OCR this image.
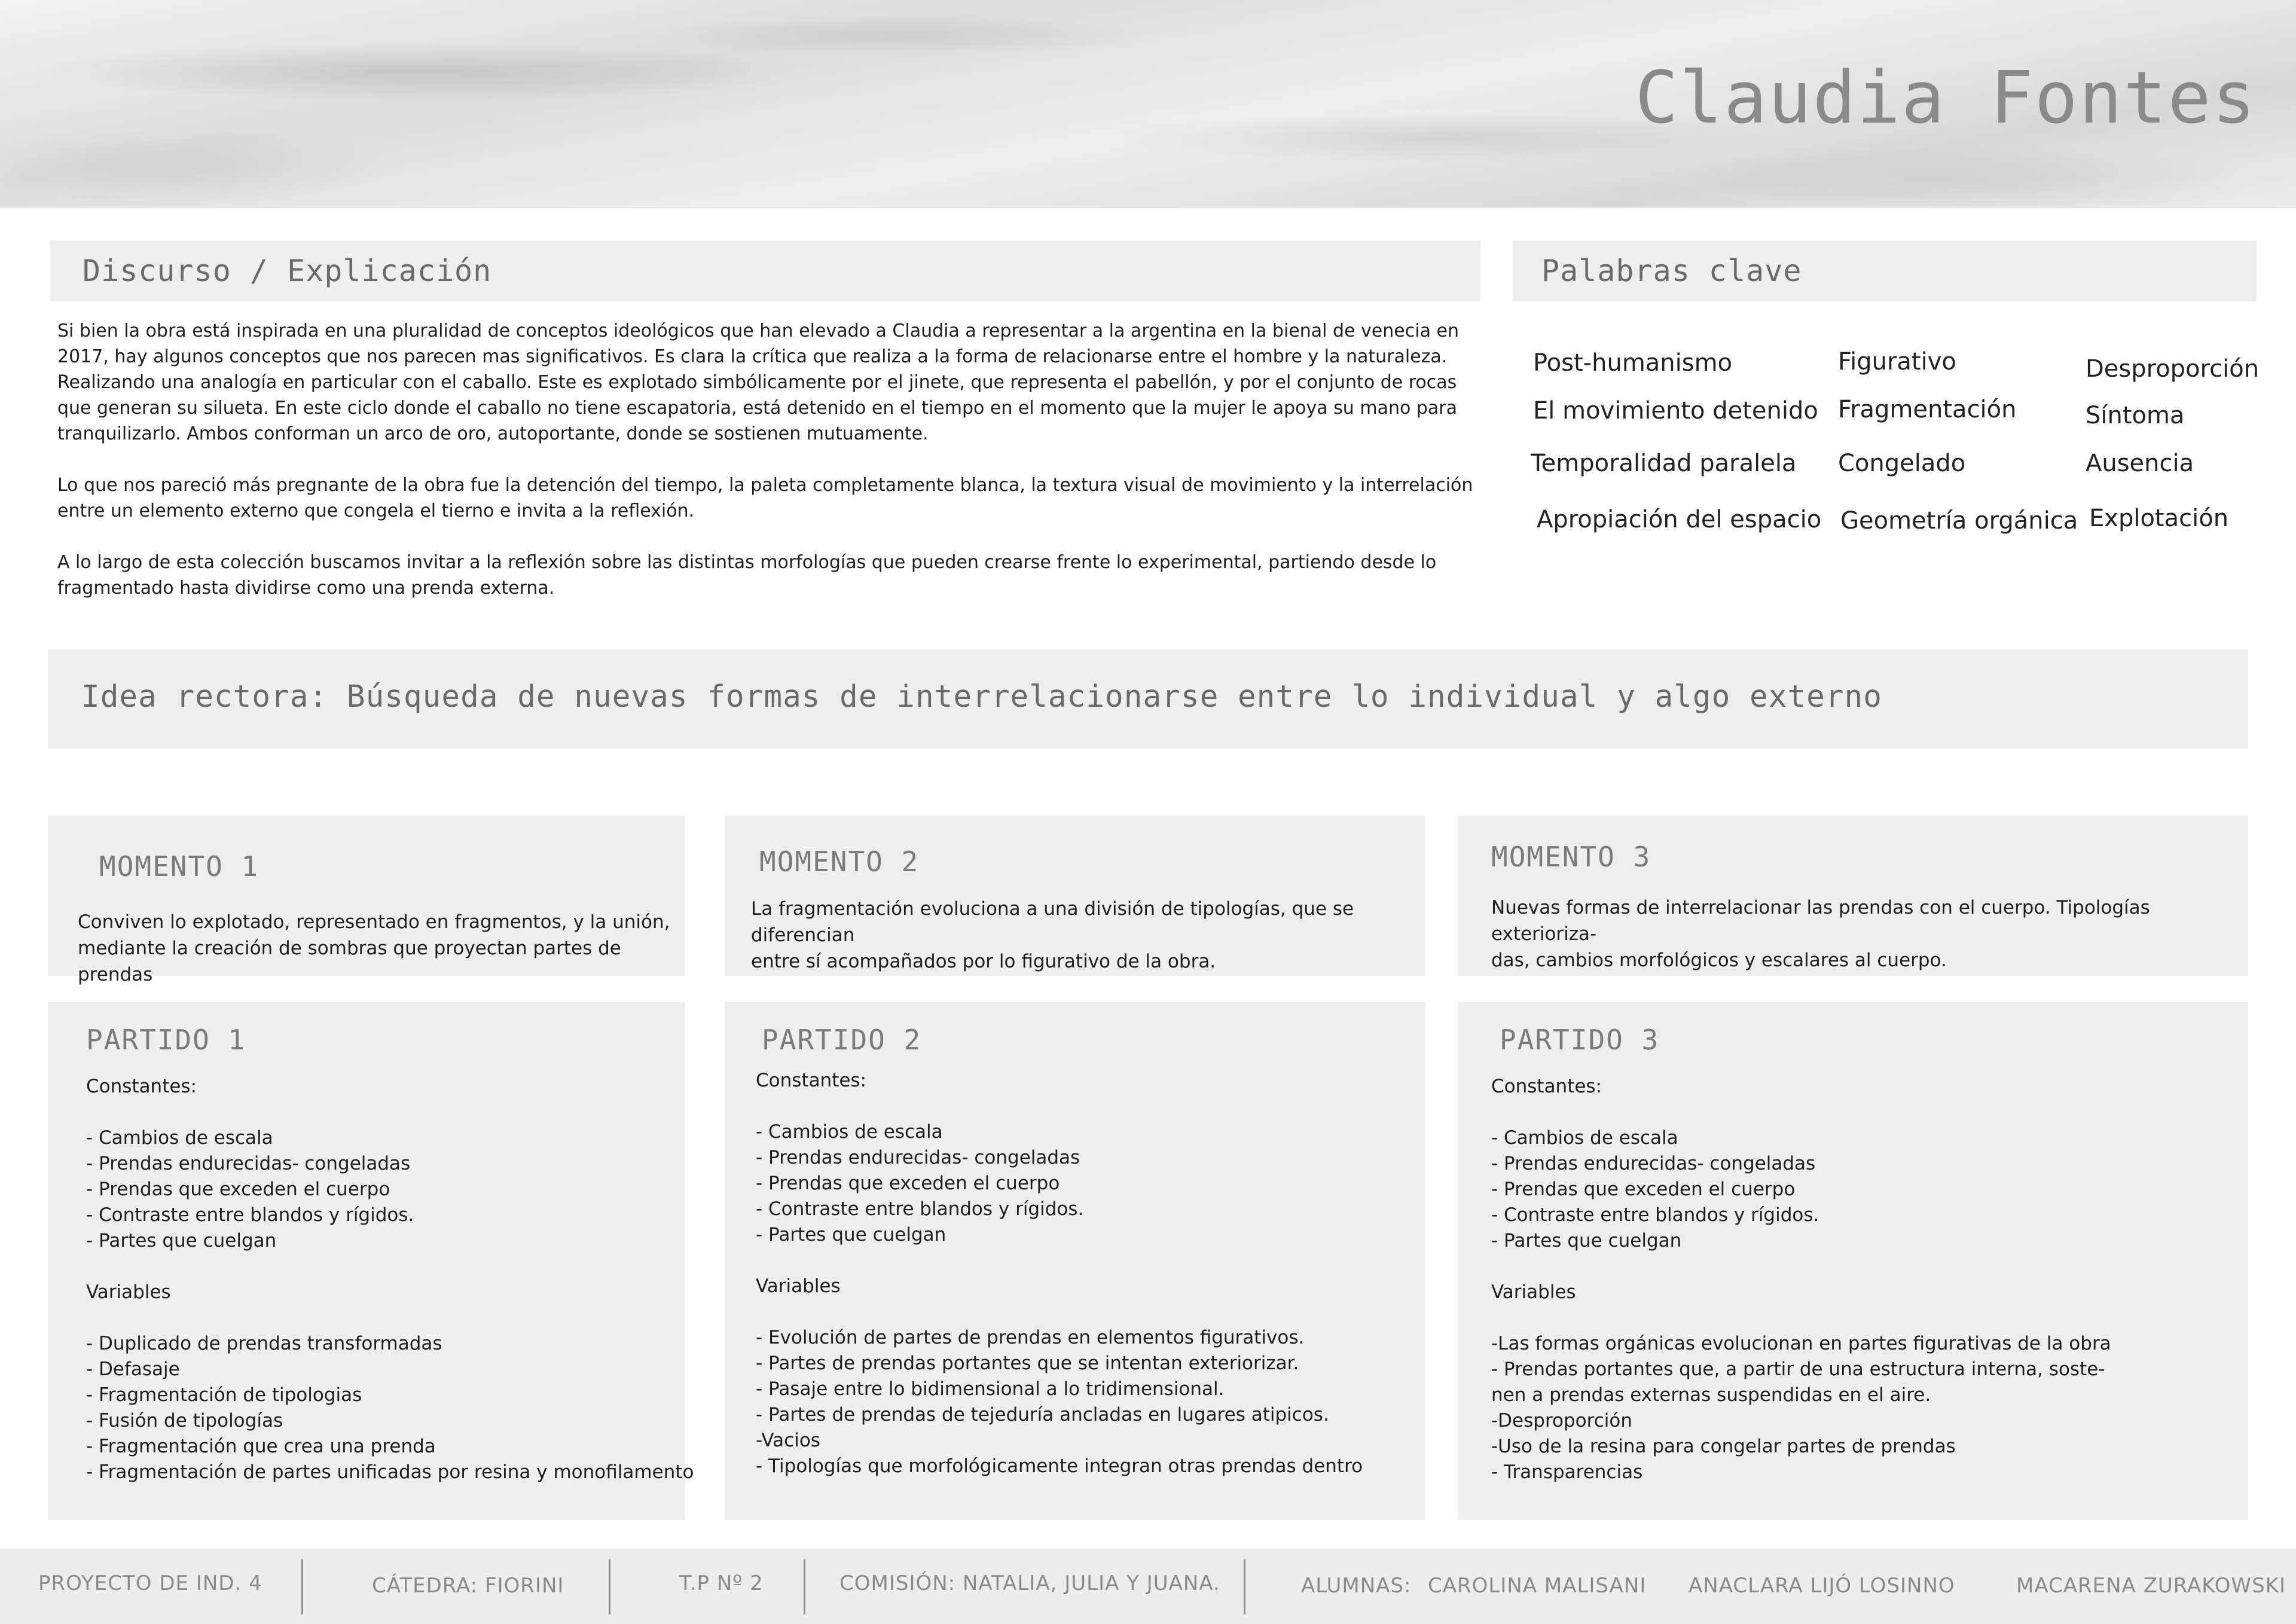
Claudia Fontes
Discurso / Explicación

Si bien la obra está inspirada en una pluralidad de conceptos ideológicos que han elevado a Claudia a representar a la argentina en la bienal de venecia en 2017, hay algunos conceptos que nos parecen mas significativos. Es clara la crítica que realiza a la forma de relacionarse entre el hombre y la naturaleza. Realizando una analogía en particular con el caballo. Este es explotado simbólicamente por el jinete, que representa el pabellón, y por el conjunto de rocas que generan su silueta. En este ciclo donde el caballo no tiene escapatoria, está detenido en el tiempo en el momento que la mujer le apoya su mano para tranquilizarlo. Ambos conforman un arco de oro, autoportante, donde se sostienen mutuamente.

Lo que nos pareció más pregnante de la obra fue la detención del tiempo, la paleta completamente blanca, la textura visual de movimiento y la interrelación entre un elemento externo que congela el tierno e invita a la reflexión.

A lo largo de esta colección buscamos invitar a la reflexión sobre las distintas morfologías que pueden crearse frente lo experimental, partiendo desde lo fragmentado hasta dividirse como una prenda externa.

Palabras clave
Post-humanismo
El movimiento detenido
Temporalidad paralela
Apropiación del espacio
Figurativo
Fragmentación
Congelado
Geometría orgánica
Desproporción
Síntoma
Ausencia
Explotación
Idea rectora: Búsqueda de nuevas formas de interrelacionarse entre lo individual y algo externo
MOMENTO 1
Conviven lo explotado, representado en fragmentos, y la unión,
mediante la creación de sombras que proyectan partes de prendas
MOMENTO 2
La fragmentación evoluciona a una división de tipologías, que se diferencian
entre sí acompañados por lo figurativo de la obra.
MOMENTO 3
Nuevas formas de interrelacionar las prendas con el cuerpo. Tipologías exterioriza-
das, cambios morfológicos y escalares al cuerpo.
PARTIDO 1
Constantes:
- Cambios de escala
- Prendas endurecidas- congeladas
- Prendas que exceden el cuerpo
- Contraste entre blandos y rígidos.
- Partes que cuelgan
Variables
- Duplicado de prendas transformadas
- Defasaje
- Fragmentación de tipologias
- Fusión de tipologías
- Fragmentación que crea una prenda
- Fragmentación de partes unificadas por resina y monofilamento
PARTIDO 2
Constantes:
- Cambios de escala
- Prendas endurecidas- congeladas
- Prendas que exceden el cuerpo
- Contraste entre blandos y rígidos.
- Partes que cuelgan
Variables
- Evolución de partes de prendas en elementos figurativos.
- Partes de prendas portantes que se intentan exteriorizar.
- Pasaje entre lo bidimensional a lo tridimensional.
- Partes de prendas de tejeduría ancladas en lugares atipicos.
-Vacios
- Tipologías que morfológicamente integran otras prendas dentro
PARTIDO 3
Constantes:
- Cambios de escala
- Prendas endurecidas- congeladas
- Prendas que exceden el cuerpo
- Contraste entre blandos y rígidos.
- Partes que cuelgan
Variables
-Las formas orgánicas evolucionan en partes figurativas de la obra
- Prendas portantes que, a partir de una estructura interna, soste-
nen a prendas externas suspendidas en el aire.
-Desproporción
-Uso de la resina para congelar partes de prendas
- Transparencias
PROYECTO DE IND. 4	CÁTEDRA: FIORINI	T.P Nº 2	COMISIÓN: NATALIA, JULIA Y JUANA.	ALUMNAS: CAROLINA MALISANI ANACLARA LIJÓ LOSINNO	MACARENA ZURAKOWSKI
